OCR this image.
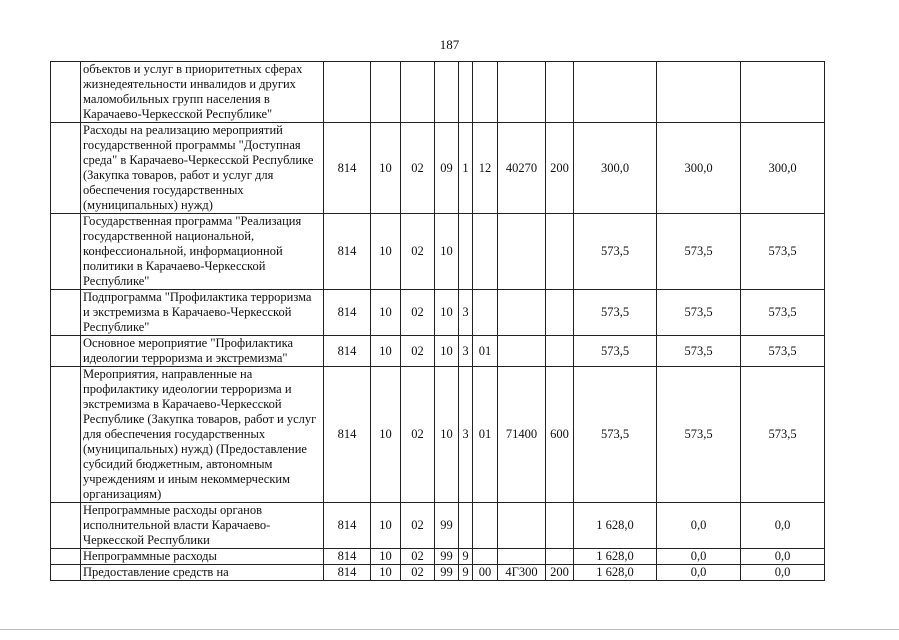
187
	объектов и услуг в приоритетных сферах жизнедеятельности инвалидов и других маломобильных групп населения в Карачаево-Черкесской Республике"											
	Расходы на реализацию мероприятий государственной программы "Доступная среда" в Карачаево-Черкесской Республике (Закупка товаров, работ и услуг для обеспечения государственных (муниципальных) нужд)	814	10	02	09	1	12	40270	200	300,0	300,0	300,0
	Государственная программа "Реализация государственной национальной, конфессиональной, информационной политики в Карачаево-Черкесской Республике"	814	10	02	10					573,5	573,5	573,5
	Подпрограмма "Профилактика терроризма и экстремизма в Карачаево-Черкесской Республике"	814	10	02	10	3				573,5	573,5	573,5
	Основное мероприятие "Профилактика идеологии терроризма и экстремизма"	814	10	02	10	3	01			573,5	573,5	573,5
	Мероприятия, направленные на профилактику идеологии терроризма и экстремизма в Карачаево-Черкесской Республике (Закупка товаров, работ и услуг для обеспечения государственных (муниципальных) нужд) (Предоставление субсидий бюджетным, автономным учреждениям и иным некоммерческим организациям)	814	10	02	10	3	01	71400	600	573,5	573,5	573,5
	Непрограммные расходы органов исполнительной власти Карачаево-Черкесской Республики	814	10	02	99					1 628,0	0,0	0,0
	Непрограммные расходы	814	10	02	99	9				1 628,0	0,0	0,0
	Предоставление средств на	814	10	02	99	9	00	4Г300	200	1 628,0	0,0	0,0
